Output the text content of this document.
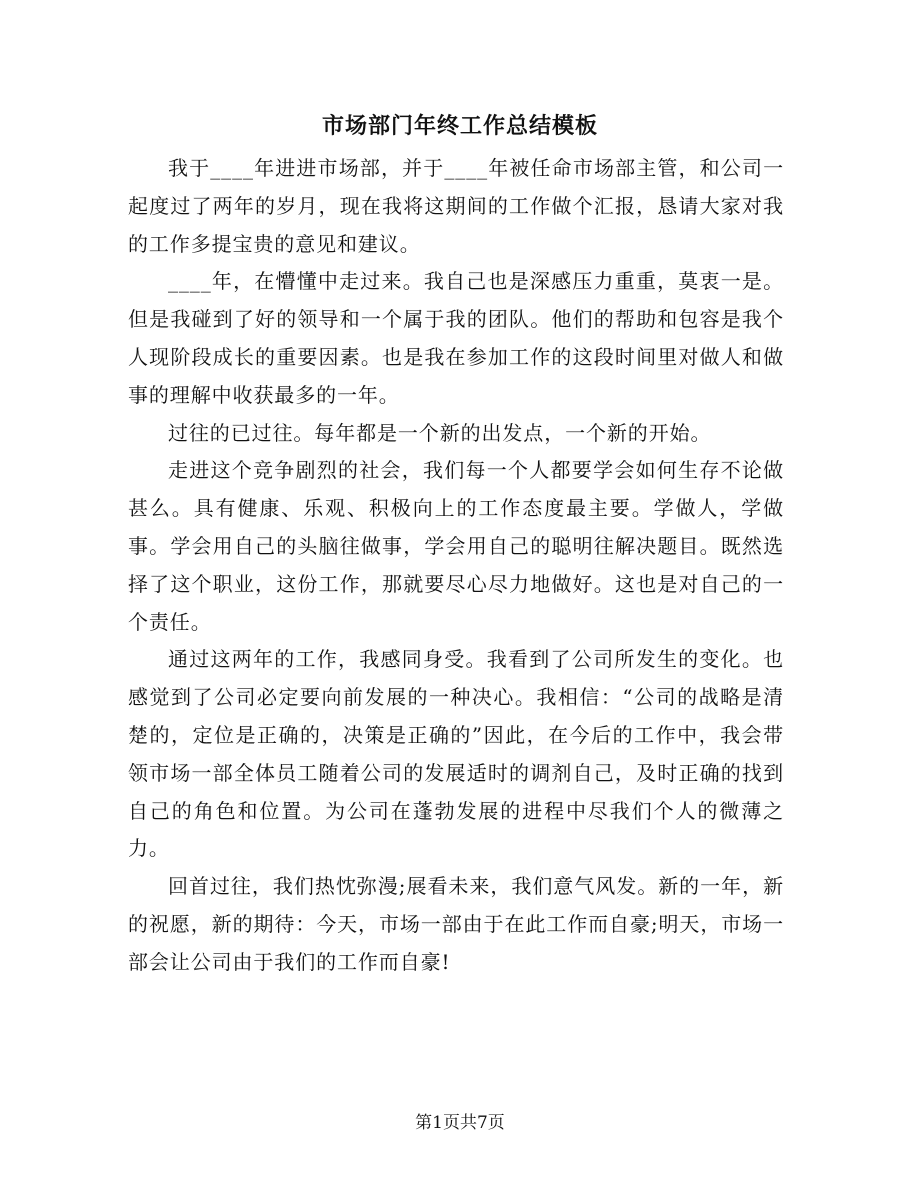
市场部门年终工作总结模板

我于____年进进市场部，并于____年被任命市场部主管，和公司一起度过了两年的岁月，现在我将这期间的工作做个汇报，恳请大家对我的工作多提宝贵的意见和建议。

____年，在懵懂中走过来。我自己也是深感压力重重，莫衷一是。但是我碰到了好的领导和一个属于我的团队。他们的帮助和包容是我个人现阶段成长的重要因素。也是我在参加工作的这段时间里对做人和做事的理解中收获最多的一年。

过往的已过往。每年都是一个新的出发点，一个新的开始。

走进这个竞争剧烈的社会，我们每一个人都要学会如何生存不论做甚么。具有健康、乐观、积极向上的工作态度最主要。学做人，学做事。学会用自己的头脑往做事，学会用自己的聪明往解决题目。既然选择了这个职业，这份工作，那就要尽心尽力地做好。这也是对自己的一个责任。

通过这两年的工作，我感同身受。我看到了公司所发生的变化。也感觉到了公司必定要向前发展的一种决心。我相信：“公司的战略是清楚的，定位是正确的，决策是正确的”因此，在今后的工作中，我会带领市场一部全体员工随着公司的发展适时的调剂自己，及时正确的找到自己的角色和位置。为公司在蓬勃发展的进程中尽我们个人的微薄之力。

回首过往，我们热忱弥漫;展看未来，我们意气风发。新的一年，新的祝愿，新的期待：今天，市场一部由于在此工作而自豪;明天，市场一部会让公司由于我们的工作而自豪!

第1页共7页
